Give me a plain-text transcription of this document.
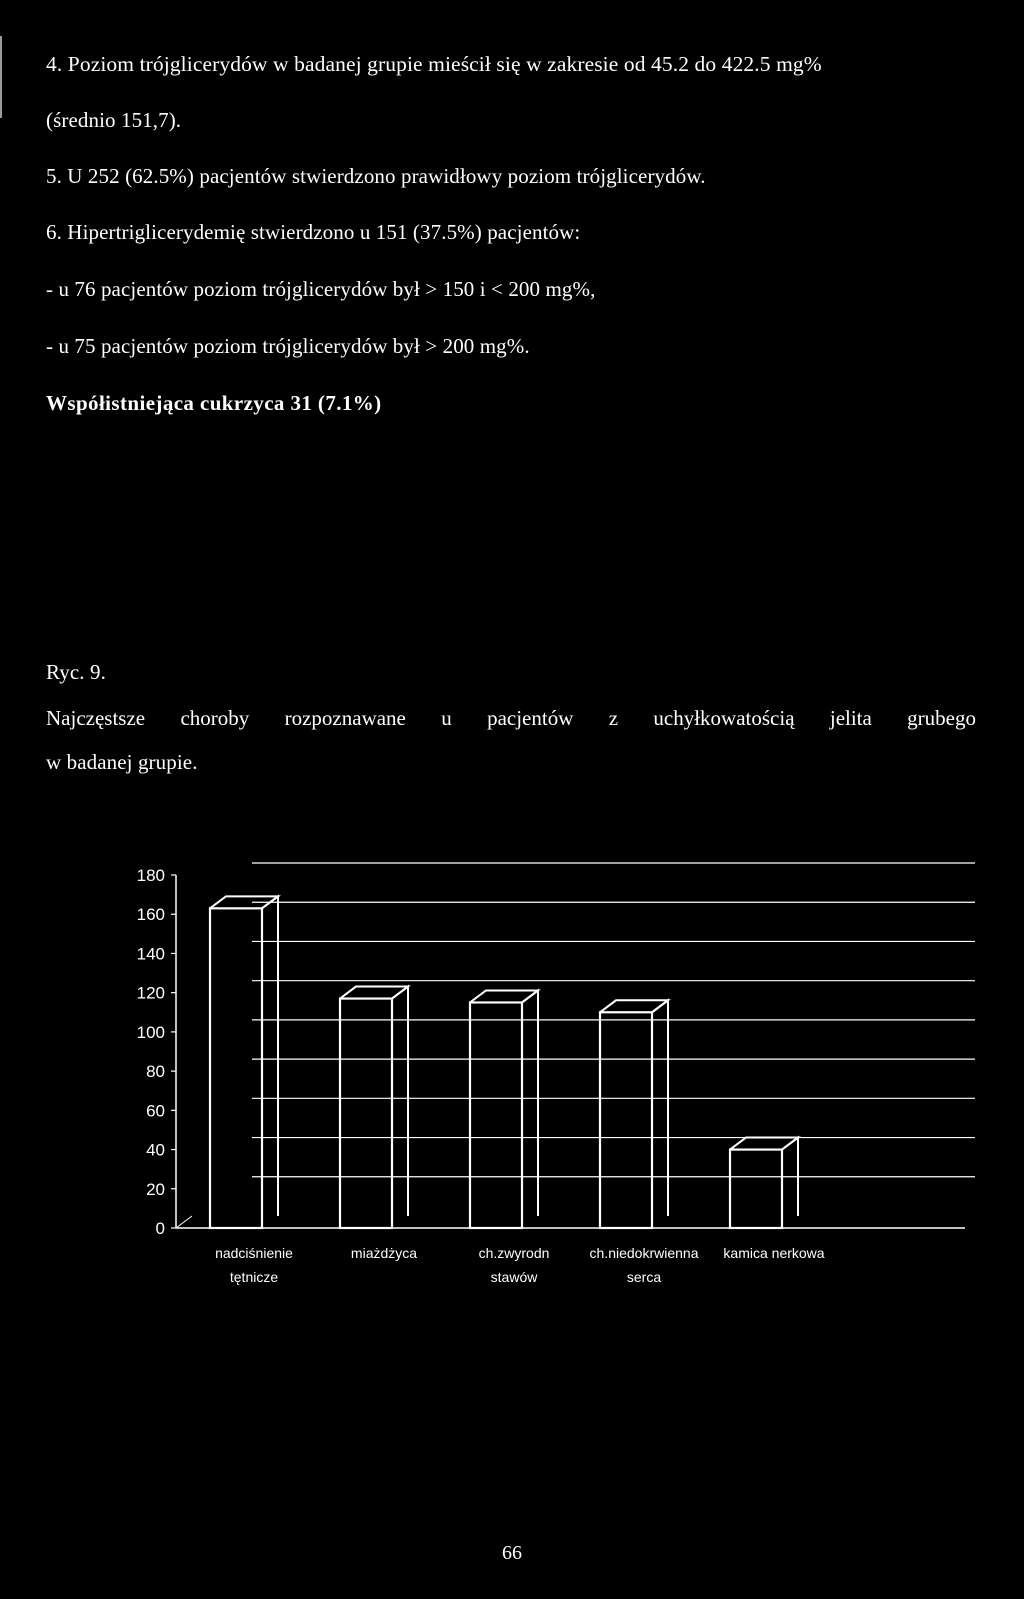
4. Poziom trójglicerydów w badanej grupie mieścił się w zakresie od 45.2 do 422.5 mg%
(średnio 151,7).
5. U 252 (62.5%) pacjentów stwierdzono prawidłowy poziom trójglicerydów.
6. Hipertriglicerydemię stwierdzono u 151 (37.5%) pacjentów:
- u 76 pacjentów poziom trójglicerydów był > 150 i < 200 mg%,
- u 75 pacjentów poziom trójglicerydów był > 200 mg%.
Współistniejąca cukrzyca 31 (7.1%)
Ryc. 9.
Najczęstsze choroby rozpoznawane u pacjentów z uchyłkowatością jelita grubego
w badanej grupie.
0
20
40
60
80
100
120
140
160
180
nadciśnienie
tętnicze
miażdżyca	ch.zwyrodn
stawów
ch.niedokrwienna
serca
kamica nerkowa
66
